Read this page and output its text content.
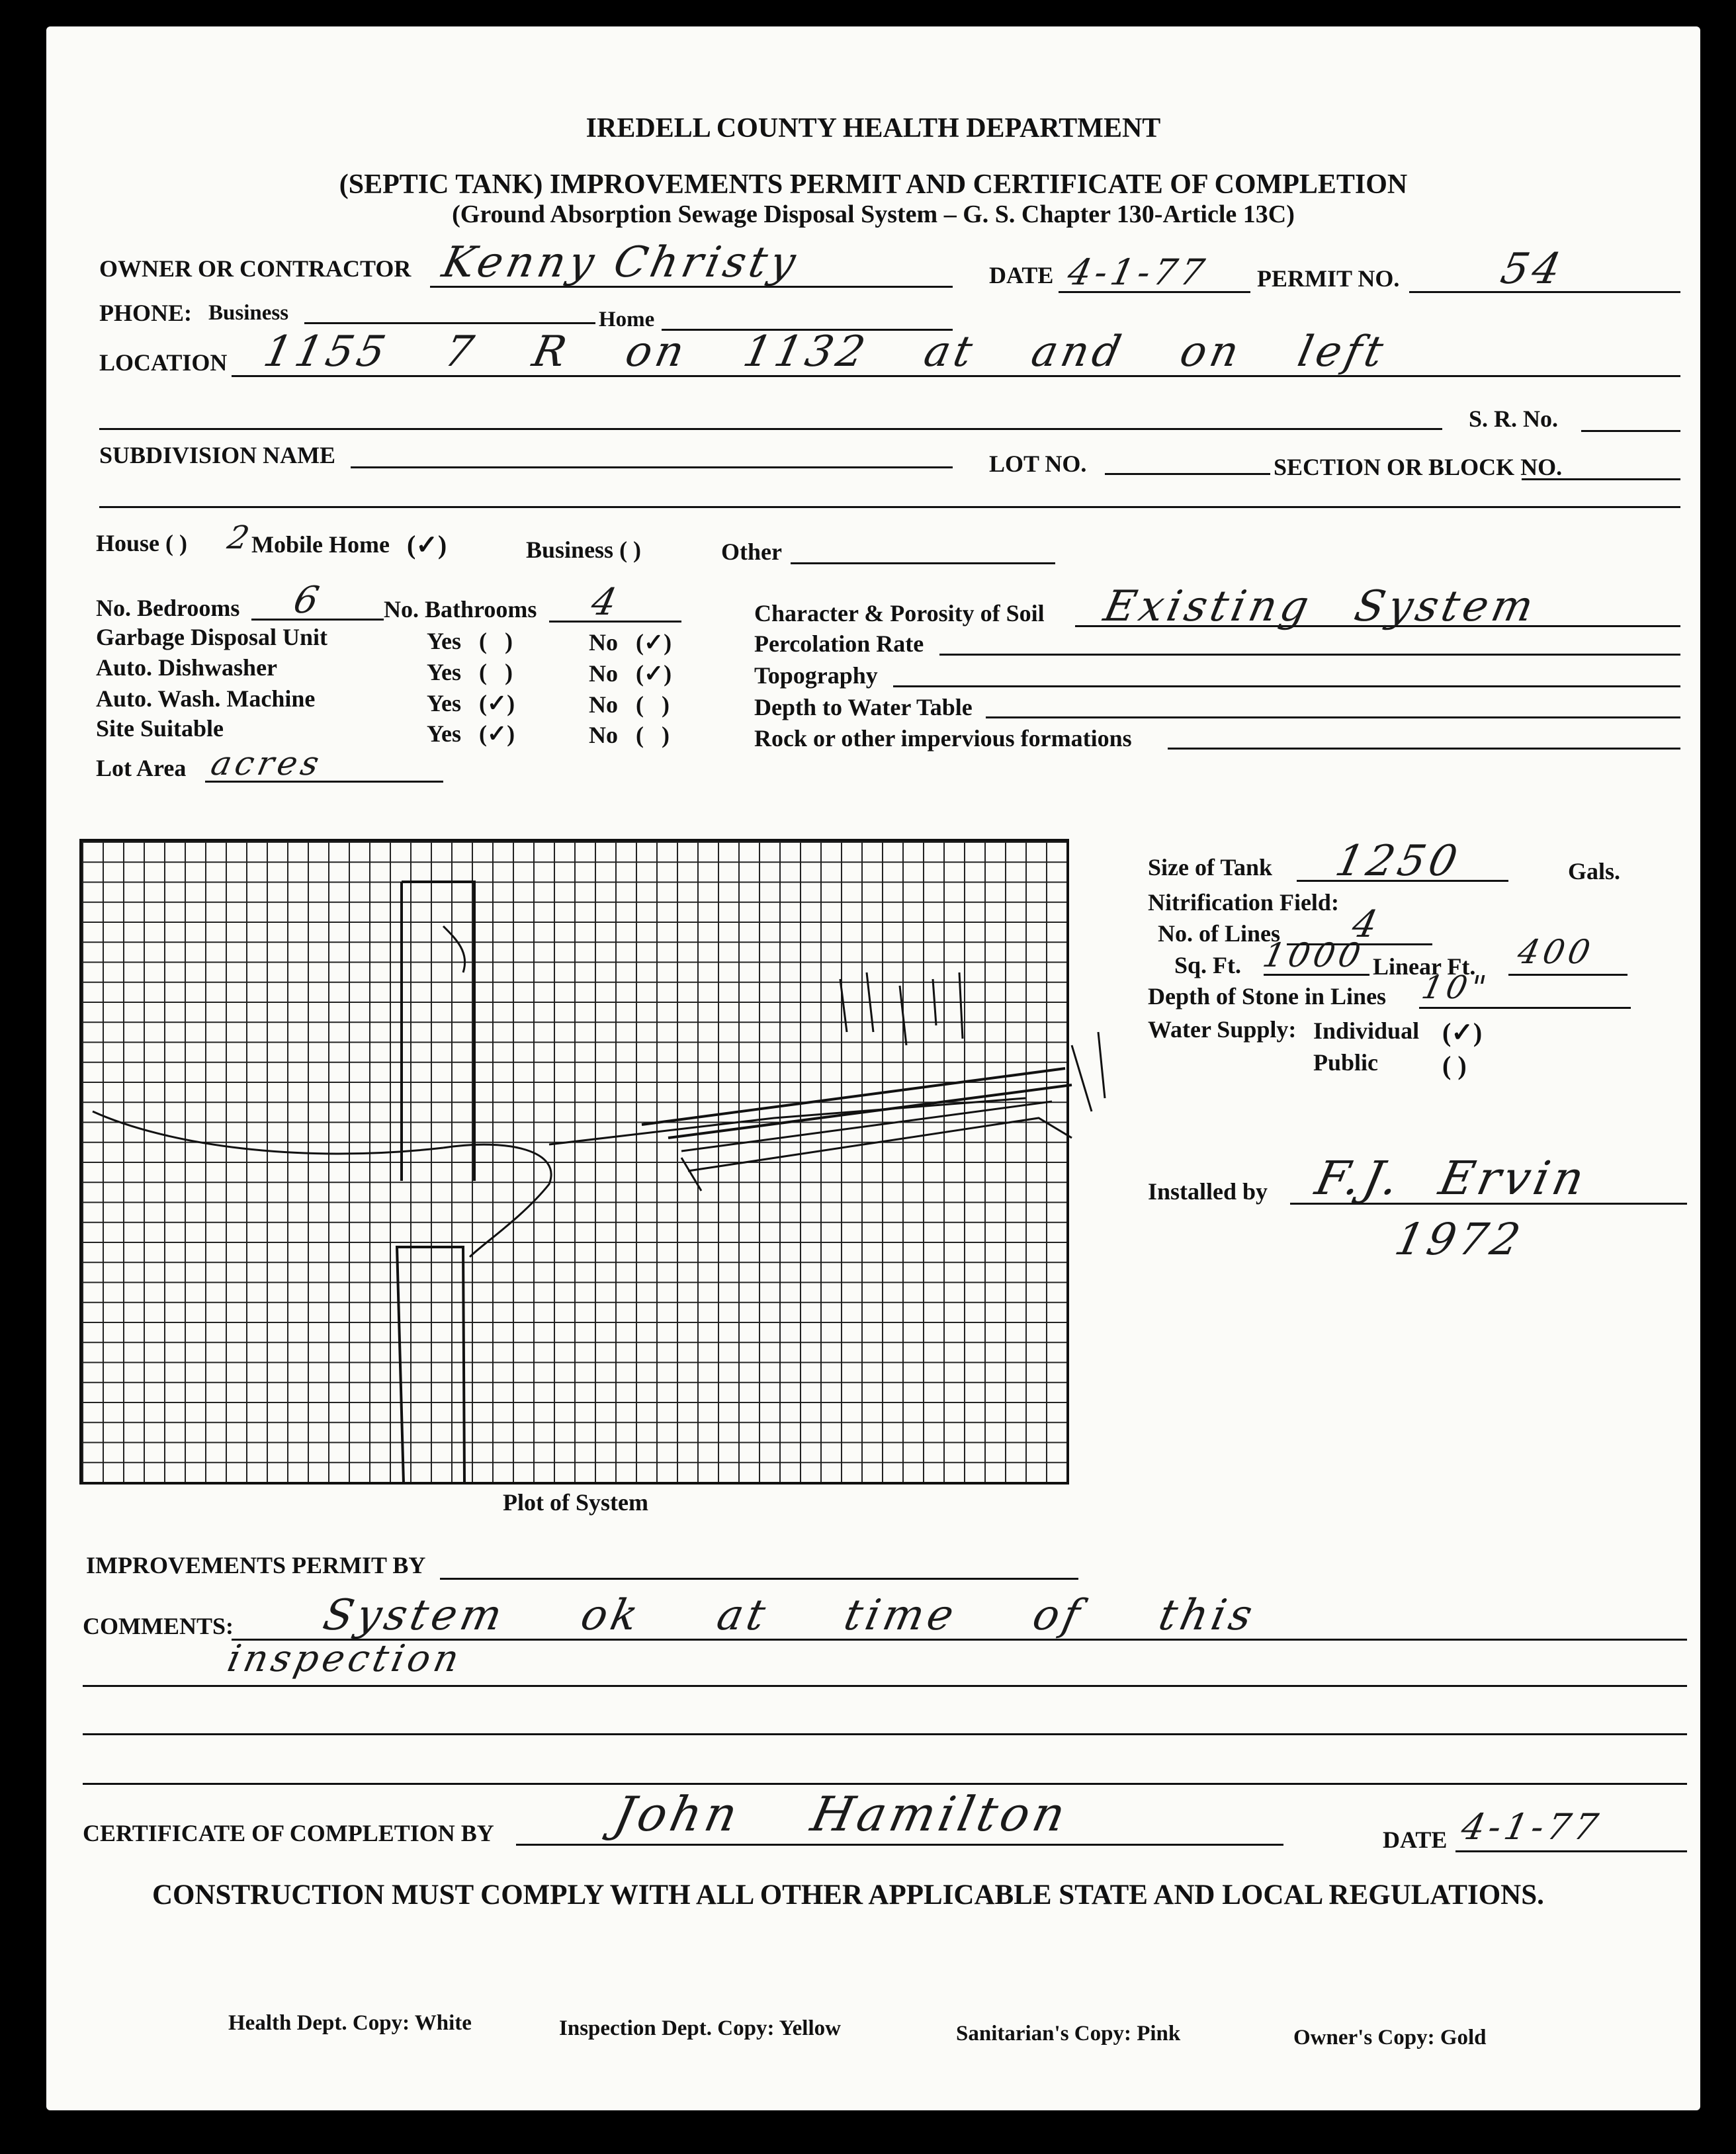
IREDELL COUNTY HEALTH DEPARTMENT
(SEPTIC TANK) IMPROVEMENTS PERMIT AND CERTIFICATE OF COMPLETION
(Ground Absorption Sewage Disposal System – G. S. Chapter 130-Article 13C)
OWNER OR CONTRACTOR Kenny Christy	DATE 4-1-77 PERMIT NO. 54
PHONE: Business	Home
LOCATION 1155 7 R on 1132 at and on left
S. R. No.
SUBDIVISION NAME	LOT NO.	SECTION OR BLOCK NO.
House ( ) 2
Mobile Home (✓)	Business ( )	Other
No. Bedrooms 6 No. Bathrooms 4
Garbage Disposal Unit	Yes   (   )	No   (✓)
Auto. Dishwasher	Yes   (   )	No   (✓)
Auto. Wash. Machine	Yes   (✓)	No   (   )
Site Suitable	Yes   (✓)	No   (   )
Lot Area acres
Character & Porosity of Soil Existing System
Percolation Rate
Topography
Depth to Water Table
Rock or other impervious formations
Plot of System
Size of Tank 1250	Gals.
Nitrification Field:
No. of Lines 4
Sq. Ft. 1000 Linear Ft. 400
Depth of Stone in Lines 10"
Water Supply: Individual (✓)
Public ( )
Installed by F.J. Ervin
1972
IMPROVEMENTS PERMIT BY
COMMENTS: System ok at time of this
inspection
CERTIFICATE OF COMPLETION BY John Hamilton	DATE 4-1-77
CONSTRUCTION MUST COMPLY WITH ALL OTHER APPLICABLE STATE AND LOCAL REGULATIONS.
Health Dept. Copy: White	Inspection Dept. Copy: Yellow	Sanitarian's Copy: Pink	Owner's Copy: Gold
